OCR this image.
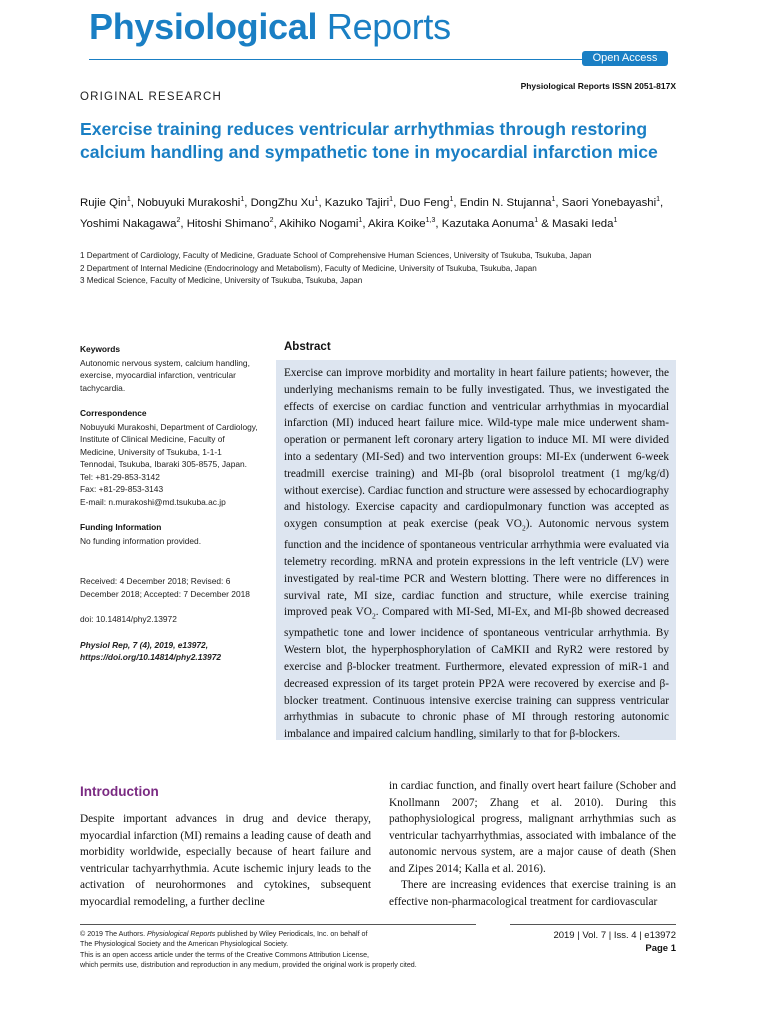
Physiological Reports
Open Access
Physiological Reports ISSN 2051-817X
ORIGINAL RESEARCH
Exercise training reduces ventricular arrhythmias through restoring calcium handling and sympathetic tone in myocardial infarction mice
Rujie Qin$^1$, Nobuyuki Murakoshi$^1$, DongZhu Xu$^1$, Kazuko Tajiri$^1$, Duo Feng$^1$, Endin N. Stujanna$^1$, Saori Yonebayashi$^1$, Yoshimi Nakagawa$^2$, Hitoshi Shimano$^2$, Akihiko Nogami$^1$, Akira Koike$^{1,3}$, Kazutaka Aonuma$^1$ & Masaki Ieda$^1$
1 Department of Cardiology, Faculty of Medicine, Graduate School of Comprehensive Human Sciences, University of Tsukuba, Tsukuba, Japan
2 Department of Internal Medicine (Endocrinology and Metabolism), Faculty of Medicine, University of Tsukuba, Tsukuba, Japan
3 Medical Science, Faculty of Medicine, University of Tsukuba, Tsukuba, Japan
Keywords
Autonomic nervous system, calcium handling, exercise, myocardial infarction, ventricular tachycardia.
Correspondence
Nobuyuki Murakoshi, Department of Cardiology, Institute of Clinical Medicine, Faculty of Medicine, University of Tsukuba, 1-1-1 Tennodai, Tsukuba, Ibaraki 305-8575, Japan.
Tel: +81-29-853-3142
Fax: +81-29-853-3143
E-mail: n.murakoshi@md.tsukuba.ac.jp
Funding Information
No funding information provided.
Received: 4 December 2018; Revised: 6 December 2018; Accepted: 7 December 2018
doi: 10.14814/phy2.13972
Physiol Rep, 7 (4), 2019, e13972,
https://doi.org/10.14814/phy2.13972
Abstract
Exercise can improve morbidity and mortality in heart failure patients; however, the underlying mechanisms remain to be fully investigated. Thus, we investigated the effects of exercise on cardiac function and ventricular arrhythmias in myocardial infarction (MI) induced heart failure mice. Wild-type male mice underwent sham-operation or permanent left coronary artery ligation to induce MI. MI were divided into a sedentary (MI-Sed) and two intervention groups: MI-Ex (underwent 6-week treadmill exercise training) and MI-βb (oral bisoprolol treatment (1 mg/kg/d) without exercise). Cardiac function and structure were assessed by echocardiography and histology. Exercise capacity and cardiopulmonary function was accepted as oxygen consumption at peak exercise (peak $VO_2$). Autonomic nervous system function and the incidence of spontaneous ventricular arrhythmia were evaluated via telemetry recording. mRNA and protein expressions in the left ventricle (LV) were investigated by real-time PCR and Western blotting. There were no differences in survival rate, MI size, cardiac function and structure, while exercise training improved peak $VO_2$. Compared with MI-Sed, MI-Ex, and MI-βb showed decreased sympathetic tone and lower incidence of spontaneous ventricular arrhythmia. By Western blot, the hyperphosphorylation of CaMKII and RyR2 were restored by exercise and β-blocker treatment. Furthermore, elevated expression of miR-1 and decreased expression of its target protein PP2A were recovered by exercise and β-blocker treatment. Continuous intensive exercise training can suppress ventricular arrhythmias in subacute to chronic phase of MI through restoring autonomic imbalance and impaired calcium handling, similarly to that for β-blockers.
Introduction
Despite important advances in drug and device therapy, myocardial infarction (MI) remains a leading cause of death and morbidity worldwide, especially because of heart failure and ventricular tachyarrhythmia. Acute ischemic injury leads to the activation of neurohormones and cytokines, subsequent myocardial remodeling, a further decline
in cardiac function, and finally overt heart failure (Schober and Knollmann 2007; Zhang et al. 2010). During this pathophysiological progress, malignant arrhythmias such as ventricular tachyarrhythmias, associated with imbalance of the autonomic nervous system, are a major cause of death (Shen and Zipes 2014; Kalla et al. 2016).
There are increasing evidences that exercise training is an effective non-pharmacological treatment for cardiovascular
© 2019 The Authors. Physiological Reports published by Wiley Periodicals, Inc. on behalf of
The Physiological Society and the American Physiological Society.
This is an open access article under the terms of the Creative Commons Attribution License,
which permits use, distribution and reproduction in any medium, provided the original work is properly cited.
2019 | Vol. 7 | Iss. 4 | e13972
Page 1
